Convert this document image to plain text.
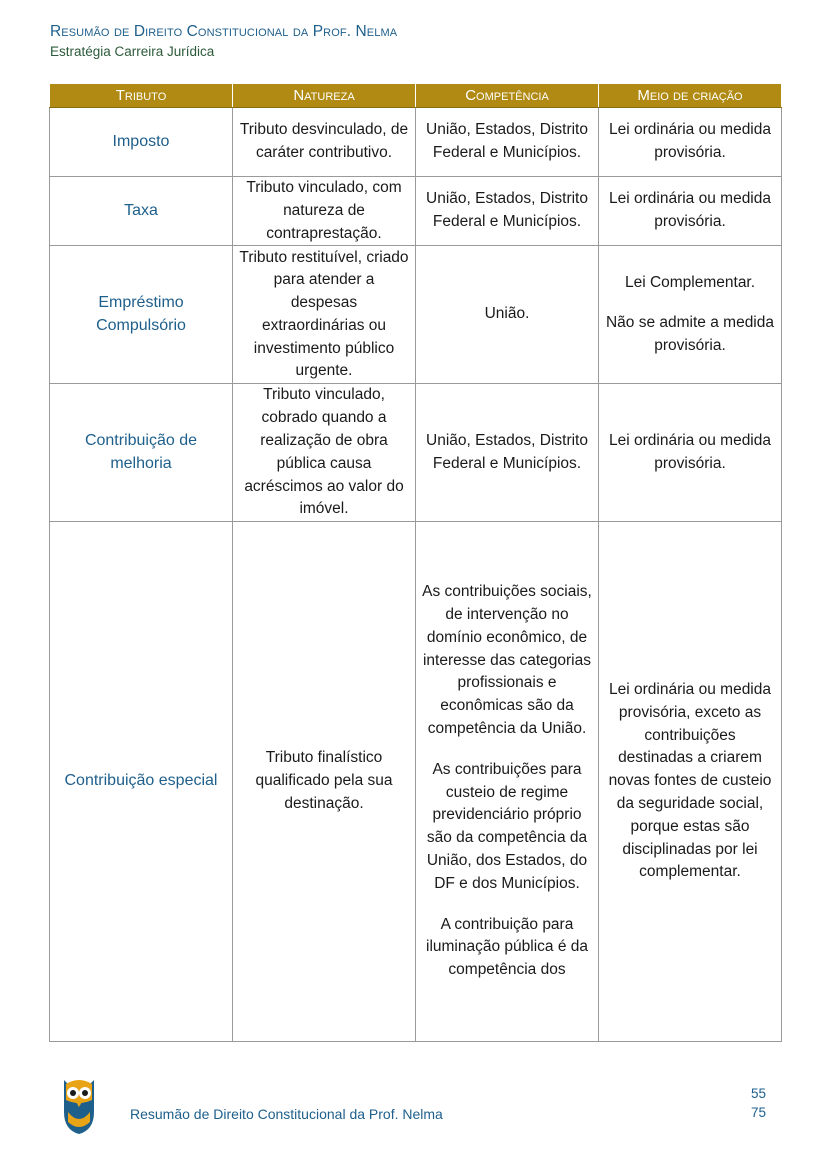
Resumão de Direito Constitucional da Prof. Nelma
Estratégia Carreira Jurídica
Tributo	Natureza	Competência	Meio de criação
Imposto	Tributo desvinculado, de caráter contributivo.	União, Estados, Distrito Federal e Municípios.	Lei ordinária ou medida provisória.

Taxa	Tributo vinculado, com natureza de contraprestação.	União, Estados, Distrito Federal e Municípios.	Lei ordinária ou medida provisória.

Empréstimo Compulsório	Tributo restituível, criado para atender a despesas extraordinárias ou investimento público urgente.	União.	Lei Complementar.
Não se admite a medida provisória.

Contribuição de melhoria	Tributo vinculado, cobrado quando a realização de obra pública causa acréscimos ao valor do imóvel.	União, Estados, Distrito Federal e Municípios.	Lei ordinária ou medida provisória.

Contribuição especial	Tributo finalístico qualificado pela sua destinação.	As contribuições sociais, de intervenção no domínio econômico, de interesse das categorias profissionais e econômicas são da competência da União.
As contribuições para custeio de regime previdenciário próprio são da competência da União, dos Estados, do DF e dos Municípios.
A contribuição para iluminação pública é da competência dos	Lei ordinária ou medida provisória, exceto as contribuições destinadas a criarem novas fontes de custeio da seguridade social, porque estas são disciplinadas por lei complementar.
Resumão de Direito Constitucional da Prof. Nelma
55
75
